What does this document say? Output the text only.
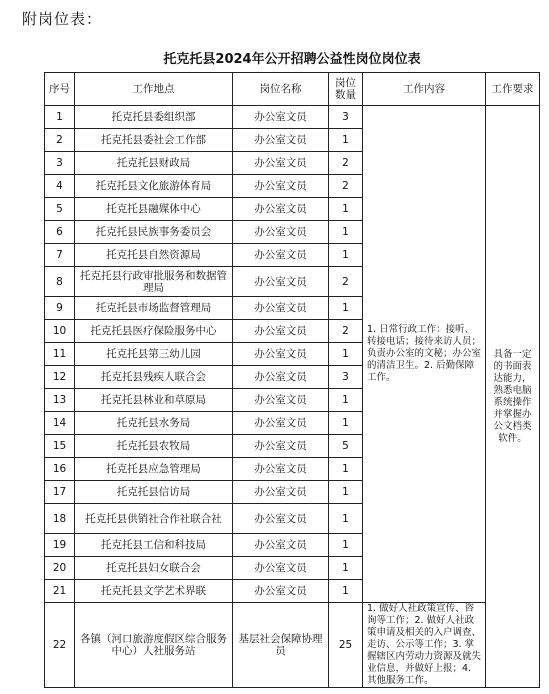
附岗位表：
托克托县2024年公开招聘公益性岗位岗位表					
序号	工作地点	岗位名称	岗位数量	工作内容	工作要求
1	托克托县委组织部	办公室文员	3	1. 日常行政工作：接听、转接电话；接待来访人员；负责办公室的文秘；办公室的清洁卫生。2. 后勤保障工作。	具备一定的书面表达能力，熟悉电脑系统操作并掌握办公文档类软件。
2	托克托县委社会工作部	办公室文员	1		
3	托克托县财政局	办公室文员	2		
4	托克托县文化旅游体育局	办公室文员	2		
5	托克托县融媒体中心	办公室文员	1		
6	托克托县民族事务委员会	办公室文员	1		
7	托克托县自然资源局	办公室文员	1		
8	托克托县行政审批服务和数据管理局	办公室文员	2		
9	托克托县市场监督管理局	办公室文员	1		
10	托克托县医疗保险服务中心	办公室文员	2		
11	托克托县第三幼儿园	办公室文员	1		
12	托克托县残疾人联合会	办公室文员	3		
13	托克托县林业和草原局	办公室文员	1		
14	托克托县水务局	办公室文员	1		
15	托克托县农牧局	办公室文员	5		
16	托克托县应急管理局	办公室文员	1		
17	托克托县信访局	办公室文员	1		
18	托克托县供销社合作社联合社	办公室文员	1		
19	托克托县工信和科技局	办公室文员	1		
20	托克托县妇女联合会	办公室文员	1		
21	托克托县文学艺术界联	办公室文员	1		
22	各镇（河口旅游度假区综合服务中心）人社服务站	基层社会保障协理员	25	1. 做好人社政策宣传、咨询等工作；2. 做好人社政策申请及相关的入户调查、走访、公示等工作；3. 掌握辖区内劳动力资源及就失业信息，并做好上报；4. 其他服务工作。	
